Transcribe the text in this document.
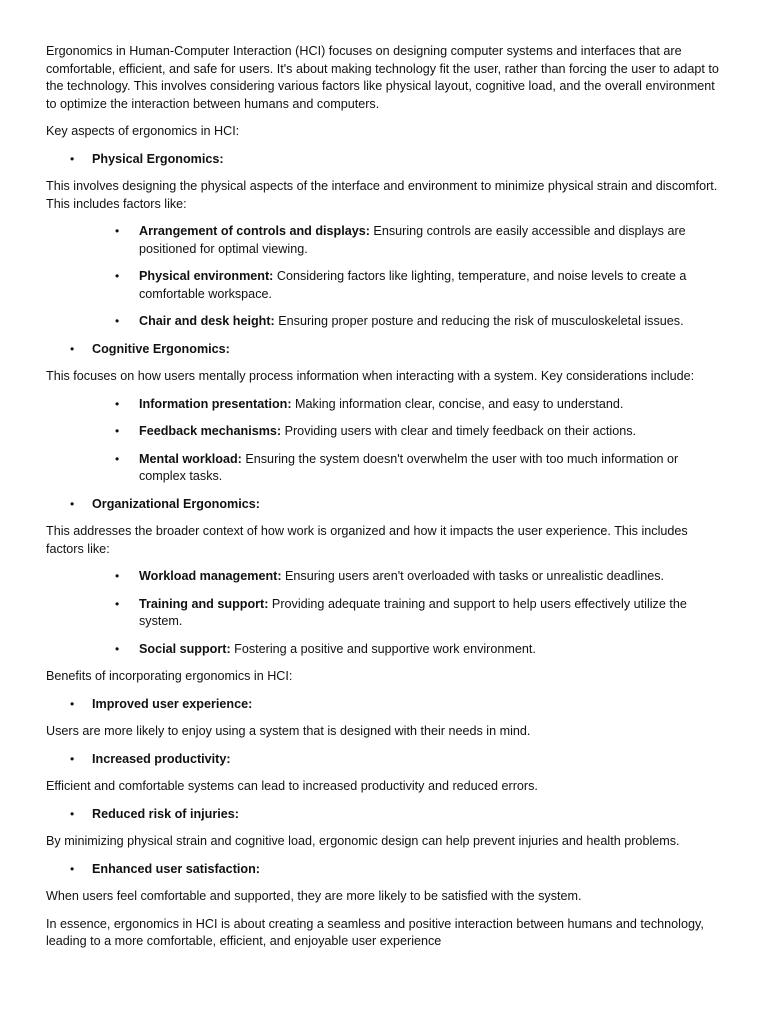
Ergonomics in Human-Computer Interaction (HCI) focuses on designing computer systems and interfaces that are comfortable, efficient, and safe for users. It's about making technology fit the user, rather than forcing the user to adapt to the technology. This involves considering various factors like physical layout, cognitive load, and the overall environment to optimize the interaction between humans and computers.

Key aspects of ergonomics in HCI:

• Physical Ergonomics:

This involves designing the physical aspects of the interface and environment to minimize physical strain and discomfort. This includes factors like:

• Arrangement of controls and displays: Ensuring controls are easily accessible and displays are positioned for optimal viewing.
• Physical environment: Considering factors like lighting, temperature, and noise levels to create a comfortable workspace.
• Chair and desk height: Ensuring proper posture and reducing the risk of musculoskeletal issues.
• Cognitive Ergonomics:

This focuses on how users mentally process information when interacting with a system. Key considerations include:

• Information presentation: Making information clear, concise, and easy to understand.
• Feedback mechanisms: Providing users with clear and timely feedback on their actions.
• Mental workload: Ensuring the system doesn't overwhelm the user with too much information or complex tasks.
• Organizational Ergonomics:

This addresses the broader context of how work is organized and how it impacts the user experience. This includes factors like:

• Workload management: Ensuring users aren't overloaded with tasks or unrealistic deadlines.
• Training and support: Providing adequate training and support to help users effectively utilize the system.
• Social support: Fostering a positive and supportive work environment.

Benefits of incorporating ergonomics in HCI:

• Improved user experience:

Users are more likely to enjoy using a system that is designed with their needs in mind.

• Increased productivity:

Efficient and comfortable systems can lead to increased productivity and reduced errors.

• Reduced risk of injuries:

By minimizing physical strain and cognitive load, ergonomic design can help prevent injuries and health problems.

• Enhanced user satisfaction:

When users feel comfortable and supported, they are more likely to be satisfied with the system.

In essence, ergonomics in HCI is about creating a seamless and positive interaction between humans and technology, leading to a more comfortable, efficient, and enjoyable user experience
